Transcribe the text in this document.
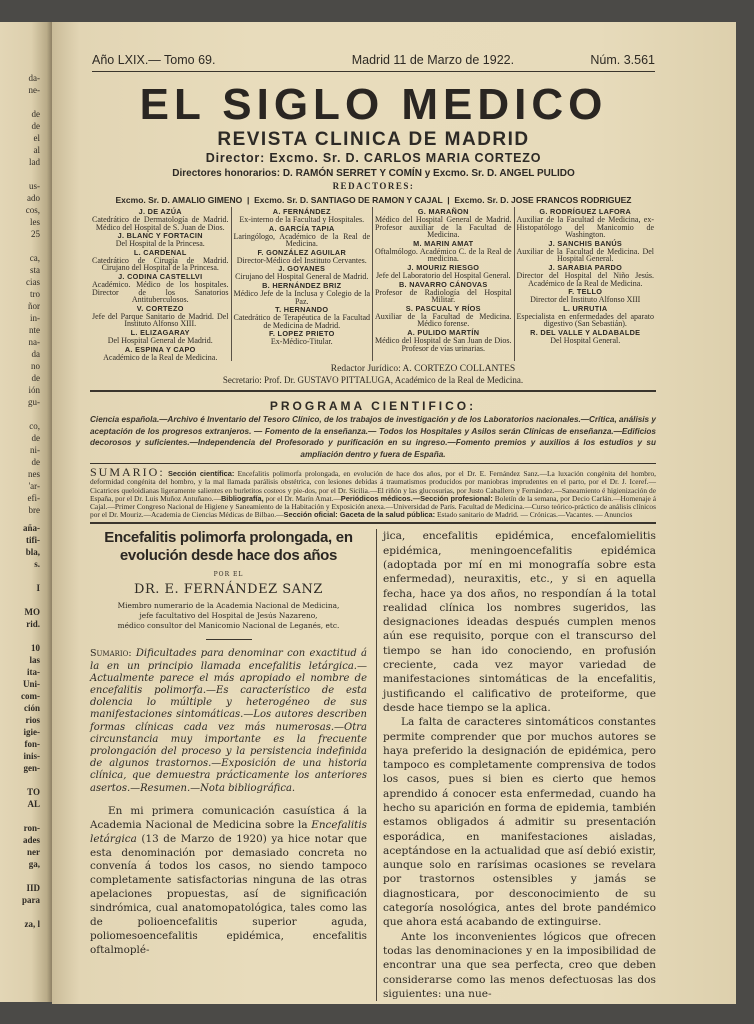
da-
ne-
de
de
el
al
lad
us-
ado
cos,
les
25
ca,
sta
cias
tro
ñor
in-
nte
na-
da
no
de
ión
gu-
co,
de
ni-
de
nes
'ar-
efi-
bre
aña-
tifi-
bla,
s.
I
MO
rid.
10
las
ita-
Uni-
com-
ción
rios
igie-
fon-
inis-
gen-
TO
AL
ron-
ades
ner
ga,
IID
para
za, l
Año LXIX.— Tomo 69.	Madrid 11 de Marzo de 1922.	Núm. 3.561
EL SIGLO MEDICO
REVISTA CLINICA DE MADRID
Director: Excmo. Sr. D. CARLOS MARIA CORTEZO
Directores honorarios: D. RAMÓN SERRET Y COMÍN y Excmo. Sr. D. ANGEL PULIDO
REDACTORES:
Excmo. Sr. D. AMALIO GIMENO  |  Excmo. Sr. D. SANTIAGO DE RAMON Y CAJAL  |  Excmo. Sr. D. JOSE FRANCOS RODRIGUEZ
J. DE AZÚA
Catedrático de Dermatología de Madrid. Médico del Hospital de S. Juan de Dios.
J. BLANC Y FORTACIN
Del Hospital de la Princesa.
L. CARDENAL
Catedrático de Cirugía de Madrid. Cirujano del Hospital de la Princesa.
J. CODINA CASTELLVI
Académico. Médico de los hospitales. Director de los Sanatorios Antituberculosos.
V. CORTEZO
Jefe del Parque Sanitario de Madrid. Del Instituto Alfonso XIII.
L. ELIZAGARAY
Del Hospital General de Madrid.
A. ESPINA Y CAPO
Académico de la Real de Medicina.
A. FERNÁNDEZ
Ex-interno de la Facultad y Hospitales.
A. GARCÍA TAPIA
Laringólogo, Académico de la Real de Medicina.
F. GONZÁLEZ AGUILAR
Director-Médico del Instituto Cervantes.
J. GOYANES
Cirujano del Hospital General de Madrid.
B. HERNÁNDEZ BRIZ
Médico Jefe de la Inclusa y Colegio de la Paz.
T. HERNANDO
Catedrático de Terapéutica de la Facultad de Medicina de Madrid.
F. LOPEZ PRIETO
Ex-Médico-Titular.
G. MARAÑON
Médico del Hospital General de Madrid. Profesor auxiliar de la Facultad de Medicina.
M. MARIN AMAT
Oftalmólogo. Académico C. de la Real de medicina.
J. MOURIZ RIESGO
Jefe del Laboratorio del Hospital General.
B. NAVARRO CÁNOVAS
Profesor de Radiología del Hospital Militar.
S. PASCUAL Y RÍOS
Auxiliar de la Facultad de Medicina. Médico forense.
A. PULIDO MARTÍN
Médico del Hospital de San Juan de Dios. Profesor de vías urinarias.
G. RODRÍGUEZ LAFORA
Auxiliar de la Facultad de Medicina, ex-Histopatólogo del Manicomio de Washington.
J. SANCHIS BANÚS
Auxiliar de la Facultad de Medicina. Del Hospital General.
J. SARABIA PARDO
Director del Hospital del Niño Jesús. Académico de la Real de Medicina.
F. TELLO
Director del Instituto Alfonso XIII
L. URRUTIA
Especialista en enfermedades del aparato digestivo (San Sebastián).
R. DEL VALLE Y ALDABALDE
Del Hospital General.
Redactor Jurídico: A. CORTEZO COLLANTES
Secretario: Prof. Dr. GUSTAVO PITTALUGA, Académico de la Real de Medicina.
PROGRAMA CIENTIFICO:
Ciencia española.—Archivo é Inventario del Tesoro Clínico, de los trabajos de investigación y de los Laboratorios nacionales.—Crítica, análisis y aceptación de los progresos extranjeros. — Fomento de la enseñanza.— Todos los Hospitales y Asilos serán Clínicas de enseñanza.—Edificios decorosos y suficientes.—Independencia del Profesorado y purificación en su ingreso.—Fomento premios y auxilios á los estudios y su ampliación dentro y fuera de España.
SUMARIO: Sección científica: Encefalitis polimorfa prolongada, en evolución de hace dos años, por el Dr. E. Fernández Sanz.—La luxación congénita del hombro, deformidad congénita del hombro, y la mal llamada parálisis obstétrica, con lesiones debidas á traumatismos producidos por maniobras imprudentes en el parto, por el Dr. J. Iceref.—Cicatrices queloidianas ligeramente salientes en burletitos costeos y pie-dos, por el Dr. Sicilia.—El riñón y las glucosurias, por Justo Caballero y Fernández.—Saneamiento é higienización de España, por el Dr. Luis Muñoz Antuñano.—Bibliografía, por el Dr. Marín Amat.—Periódicos médicos.—Sección profesional: Boletín de la semana, por Decio Carlán.—Homenaje á Cajal.—Primer Congreso Nacional de Higiene y Saneamiento de la Habitación y Exposición anexa.—Universidad de París. Facultad de Medicina.—Curso teórico-práctico de análisis clínicos por el Dr. Mouriz.—Academia de Ciencias Médicas de Bilbao.—Sección oficial: Gaceta de la salud pública: Estado sanitario de Madrid. — Crónicas.—Vacantes. — Anuncios
Encefalitis polimorfa prolongada, en evolución desde hace dos años
POR EL
DR. E. FERNÁNDEZ SANZ
Miembro numerario de la Academia Nacional de Medicina,
jefe facultativo del Hospital de Jesús Nazareno,
médico consultor del Manicomio Nacional de Leganés, etc.
Sumario: Dificultades para denominar con exactitud á la en un principio llamada encefalitis letárgica.—Actualmente parece el más apropiado el nombre de encefalitis polimorfa.—Es característico de esta dolencia lo múltiple y heterogéneo de sus manifestaciones sintomáticas.—Los autores describen formas clínicas cada vez más numerosas.—Otra circunstancia muy importante es la frecuente prolongación del proceso y la persistencia indefinida de algunos trastornos.—Exposición de una historia clínica, que demuestra prácticamente los anteriores asertos.—Resumen.—Nota bibliográfica.

En mi primera comunicación casuística á la Academia Nacional de Medicina sobre la Encefalitis letárgica (13 de Marzo de 1920) ya hice notar que esta denominación por demasiado concreta no convenía á todos los casos, no siendo tampoco completamente satisfactorias ninguna de las otras apelaciones propuestas, así de significación sindrómica, cual anatomopatológica, tales como las de polioencefalitis superior aguda, poliomesoencefalitis epidémica, encefalitis oftalmoplé-

jica, encefalitis epidémica, encefalomielitis epidémica, meningoencefalitis epidémica (adoptada por mí en mi monografía sobre esta enfermedad), neuraxitis, etc., y si en aquella fecha, hace ya dos años, no respondían á la total realidad clínica los nombres sugeridos, las designaciones ideadas después cumplen menos aún ese requisito, porque con el transcurso del tiempo se han ido conociendo, en profusión creciente, cada vez mayor variedad de manifestaciones sintomáticas de la encefalitis, justificando el calificativo de proteiforme, que desde hace tiempo se la aplica.

La falta de caracteres sintomáticos constantes permite comprender que por muchos autores se haya preferido la designación de epidémica, pero tampoco es completamente comprensiva de todos los casos, pues si bien es cierto que hemos aprendido á conocer esta enfermedad, cuando ha hecho su aparición en forma de epidemia, también estamos obligados á admitir su presentación esporádica, en manifestaciones aisladas, aceptándose en la actualidad que así debió existir, aunque solo en rarísimas ocasiones se revelara por trastornos ostensibles y jamás se diagnosticara, por desconocimiento de su categoría nosológica, antes del brote pandémico que ahora está acabando de extinguirse.

Ante los inconvenientes lógicos que ofrecen todas las denominaciones y en la imposibilidad de encontrar una que sea perfecta, creo que deben considerarse como las menos defectuosas las dos siguientes: una nue-
